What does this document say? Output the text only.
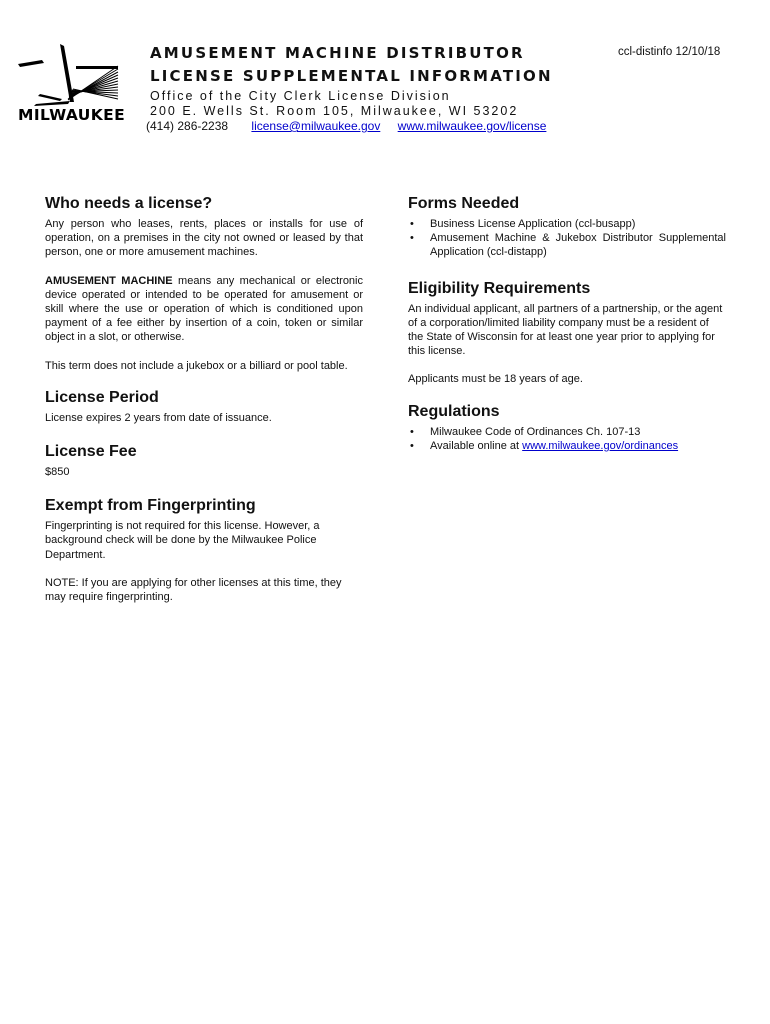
MILWAUKEE
ccl-distinfo 12/10/18
AMUSEMENT MACHINE DISTRIBUTOR
LICENSE SUPPLEMENTAL INFORMATION
Office of the City Clerk License Division
200 E. Wells St. Room 105, Milwaukee, WI 53202
(414) 286-2238 license@milwaukee.gov www.milwaukee.gov/license
Who needs a license?

Any person who leases, rents, places or installs for use of operation, on a premises in the city not owned or leased by that person, one or more amusement machines.

AMUSEMENT MACHINE means any mechanical or electronic device operated or intended to be operated for amusement or skill where the use or operation of which is conditioned upon payment of a fee either by insertion of a coin, token or similar object in a slot, or otherwise.

This term does not include a jukebox or a billiard or pool table.

License Period

License expires 2 years from date of issuance.

License Fee

$850

Exempt from Fingerprinting

Fingerprinting is not required for this license. However, a background check will be done by the Milwaukee Police Department.

NOTE: If you are applying for other licenses at this time, they may require fingerprinting.

Forms Needed
• Business License Application (ccl-busapp)
• Amusement Machine & Jukebox Distributor Supplemental Application (ccl-distapp)
Eligibility Requirements

An individual applicant, all partners of a partnership, or the agent of a corporation/limited liability company must be a resident of the State of Wisconsin for at least one year prior to applying for this license.

Applicants must be 18 years of age.

Regulations
• Milwaukee Code of Ordinances Ch. 107-13
• Available online at www.milwaukee.gov/ordinances
